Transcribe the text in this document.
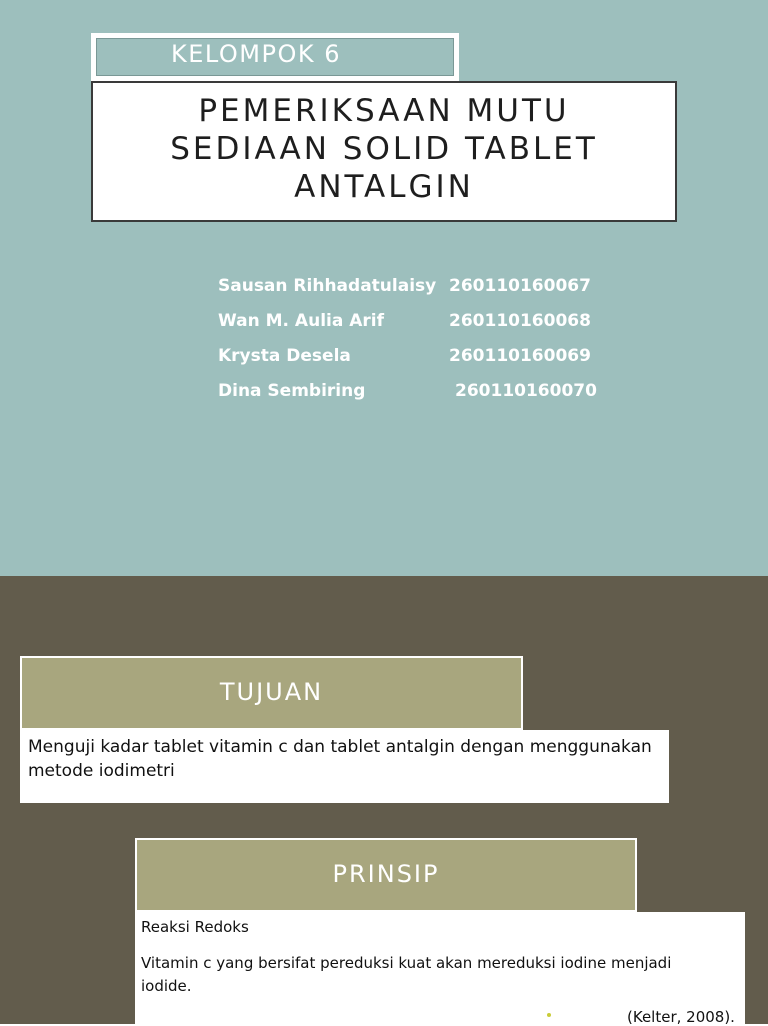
KELOMPOK 6
PEMERIKSAAN MUTU
SEDIAAN SOLID TABLET
ANTALGIN
Sausan Rihhadatulaisy 260110160067
Wan M. Aulia Arif	260110160068
Krysta Desela	260110160069
Dina Sembiring	260110160070
TUJUAN
Menguji kadar tablet vitamin c dan tablet antalgin dengan menggunakan
metode iodimetri
PRINSIP
Reaksi Redoks
Vitamin c yang bersifat pereduksi kuat akan mereduksi iodine menjadi
iodide.
(Kelter, 2008).
